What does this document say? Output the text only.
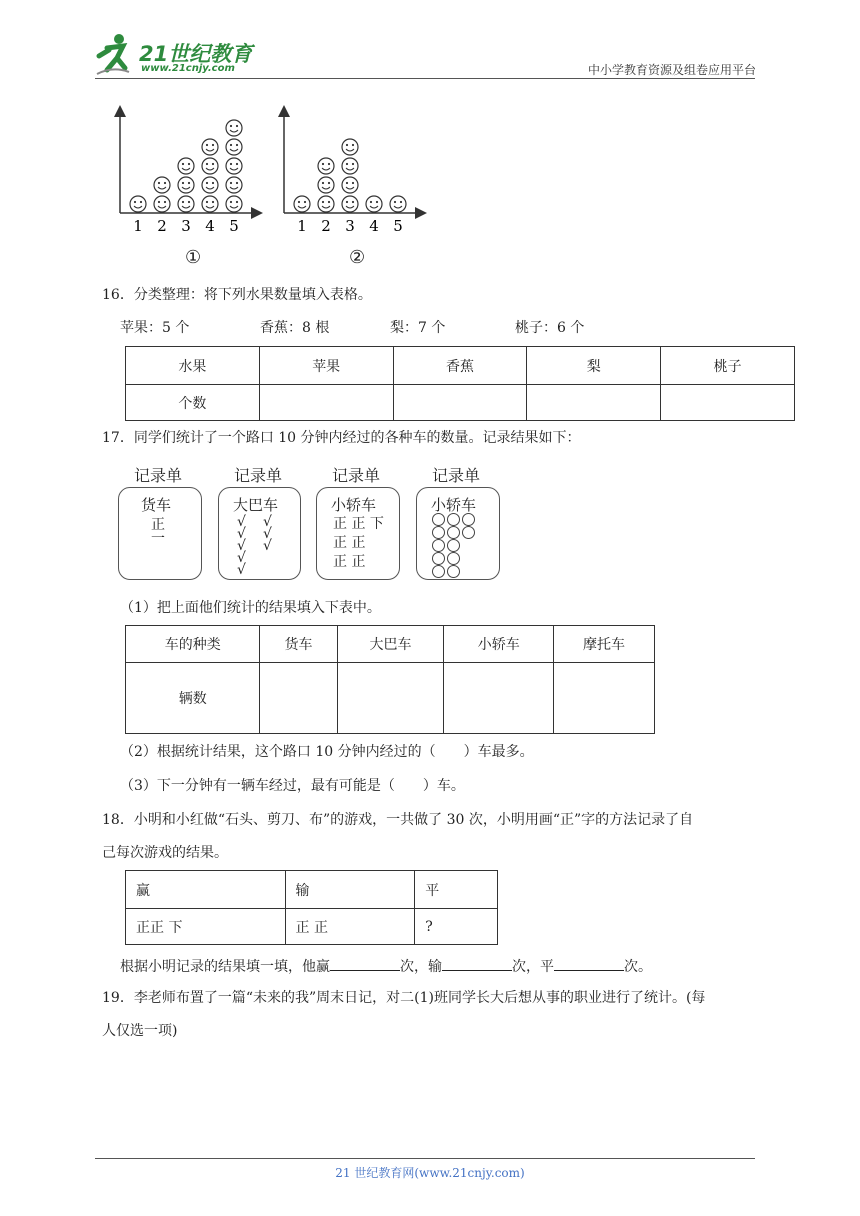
21世纪教育
www.21cnjy.com	中小学教育资源及组卷应用平台
1 2 3 4 5	1 2 3 4 5
①	②
16．分类整理：将下列水果数量填入表格。
苹果：5 个	香蕉：8 根	梨：7 个	桃子：6 个
水果	苹果	香蕉	梨	桃子
个数				
17．同学们统计了一个路口 10 分钟内经过的各种车的数量。记录结果如下：
记录单
货车
正
一
记录单
大巴车
√
√
√
√
√
√
√
√
记录单
小轿车
正 正 下
正 正
正 正
记录单
小轿车
（1）把上面他们统计的结果填入下表中。
车的种类	货车	大巴车	小轿车	摩托车
辆数				
（2）根据统计结果，这个路口 10 分钟内经过的（　　）车最多。
（3）下一分钟有一辆车经过，最有可能是（　　）车。
18．小明和小红做“石头、剪刀、布”的游戏，一共做了 30 次，小明用画“正”字的方法记录了自
己每次游戏的结果。
赢	输	平
正正 下	正 正	?
根据小明记录的结果填一填，他赢	次，输	次，平	次。
19．李老师布置了一篇“未来的我”周末日记，对二(1)班同学长大后想从事的职业进行了统计。(每
人仅选一项)
21 世纪教育网(www.21cnjy.com)
